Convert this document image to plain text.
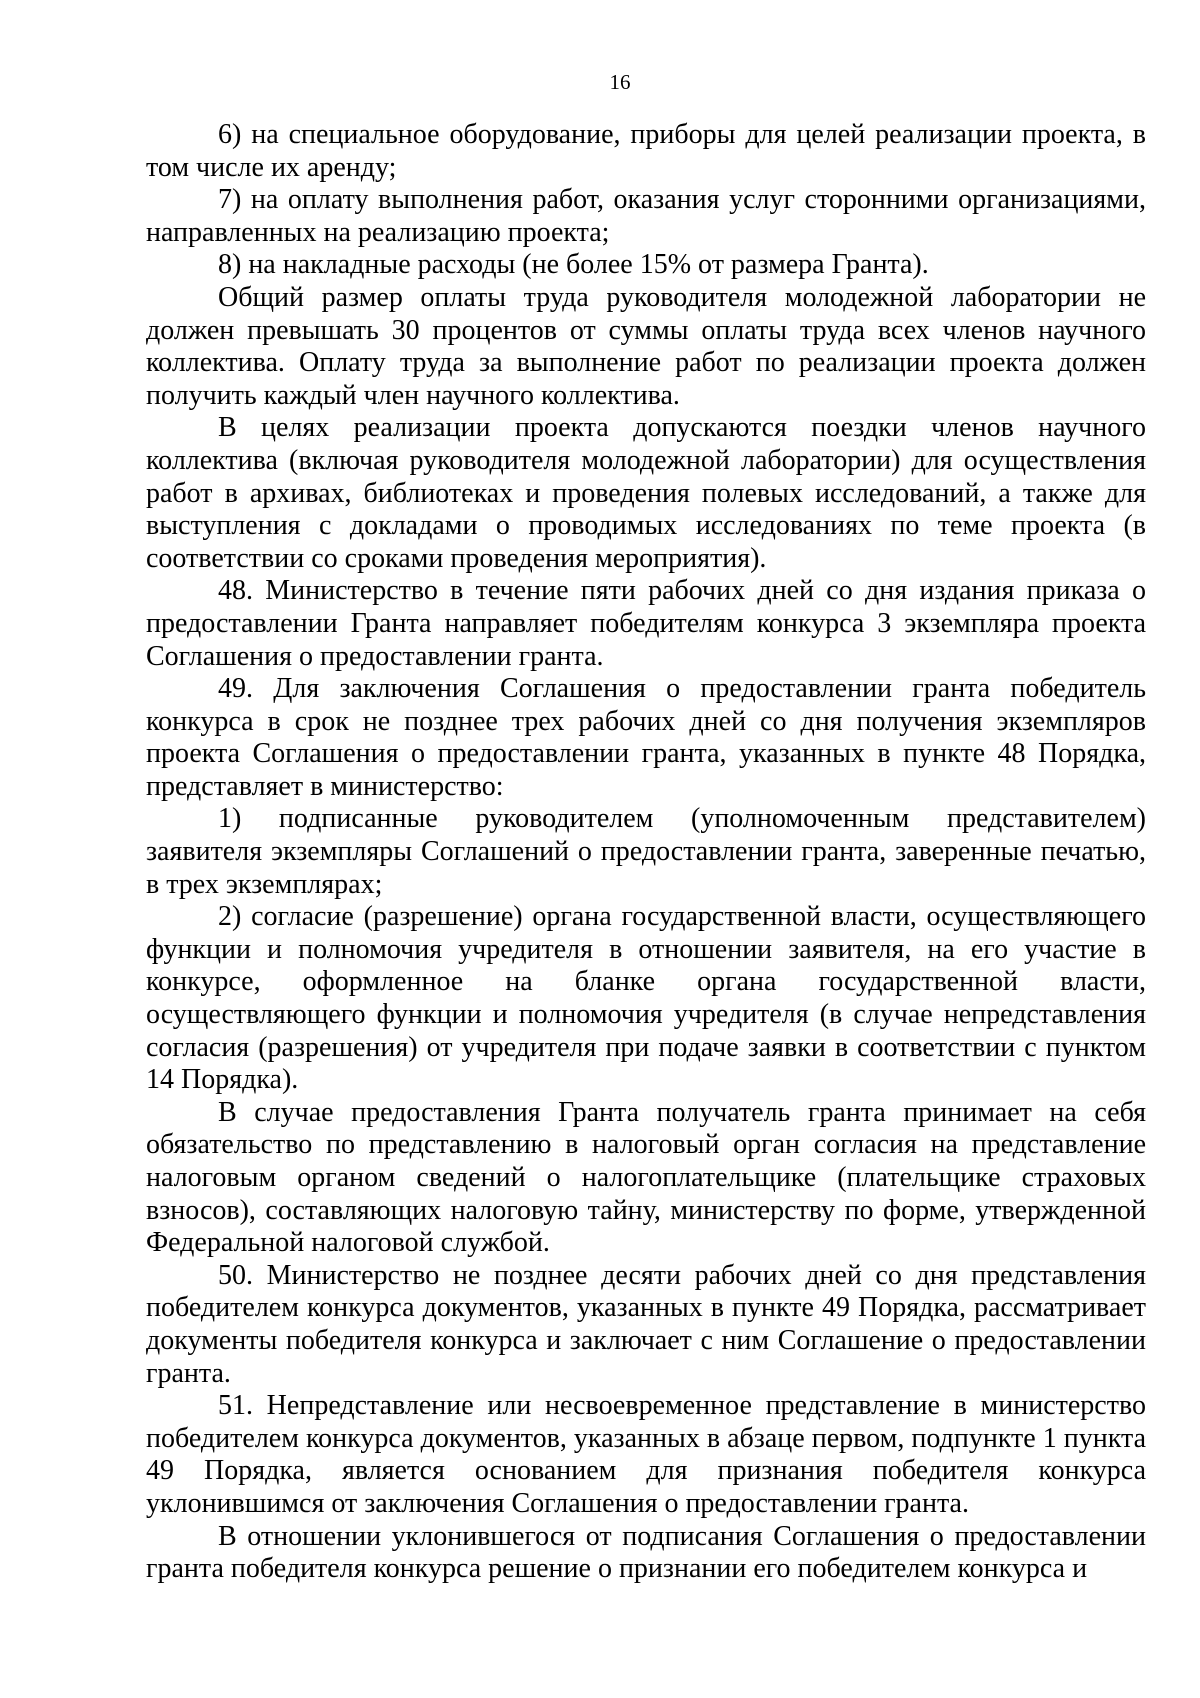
16

6) на специальное оборудование, приборы для целей реализации проекта, в том числе их аренду;

7) на оплату выполнения работ, оказания услуг сторонними организациями, направленных на реализацию проекта;

8) на накладные расходы (не более 15% от размера Гранта).

Общий размер оплаты труда руководителя молодежной лаборатории не должен превышать 30 процентов от суммы оплаты труда всех членов научного коллектива. Оплату труда за выполнение работ по реализации проекта должен получить каждый член научного коллектива.

В целях реализации проекта допускаются поездки членов научного коллектива (включая руководителя молодежной лаборатории) для осуществления работ в архивах, библиотеках и проведения полевых исследований, а также для выступления с докладами о проводимых исследованиях по теме проекта (в соответствии со сроками проведения мероприятия).

48. Министерство в течение пяти рабочих дней со дня издания приказа о предоставлении Гранта направляет победителям конкурса 3 экземпляра проекта Соглашения о предоставлении гранта.

49. Для заключения Соглашения о предоставлении гранта победитель конкурса в срок не позднее трех рабочих дней со дня получения экземпляров проекта Соглашения о предоставлении гранта, указанных в пункте 48 Порядка, представляет в министерство:

1) подписанные руководителем (уполномоченным представителем) заявителя экземпляры Соглашений о предоставлении гранта, заверенные печатью, в трех экземплярах;

2) согласие (разрешение) органа государственной власти, осуществляющего функции и полномочия учредителя в отношении заявителя, на его участие в конкурсе, оформленное на бланке органа государственной власти, осуществляющего функции и полномочия учредителя (в случае непредставления согласия (разрешения) от учредителя при подаче заявки в соответствии с пунктом 14 Порядка).

В случае предоставления Гранта получатель гранта принимает на себя обязательство по представлению в налоговый орган согласия на представление налоговым органом сведений о налогоплательщике (плательщике страховых взносов), составляющих налоговую тайну, министерству по форме, утвержденной Федеральной налоговой службой.

50. Министерство не позднее десяти рабочих дней со дня представления победителем конкурса документов, указанных в пункте 49 Порядка, рассматривает документы победителя конкурса и заключает с ним Соглашение о предоставлении гранта.

51. Непредставление или несвоевременное представление в министерство победителем конкурса документов, указанных в абзаце первом, подпункте 1 пункта 49 Порядка, является основанием для признания победителя конкурса уклонившимся от заключения Соглашения о предоставлении гранта.

В отношении уклонившегося от подписания Соглашения о предоставлении гранта победителя конкурса решение о признании его победителем конкурса и
